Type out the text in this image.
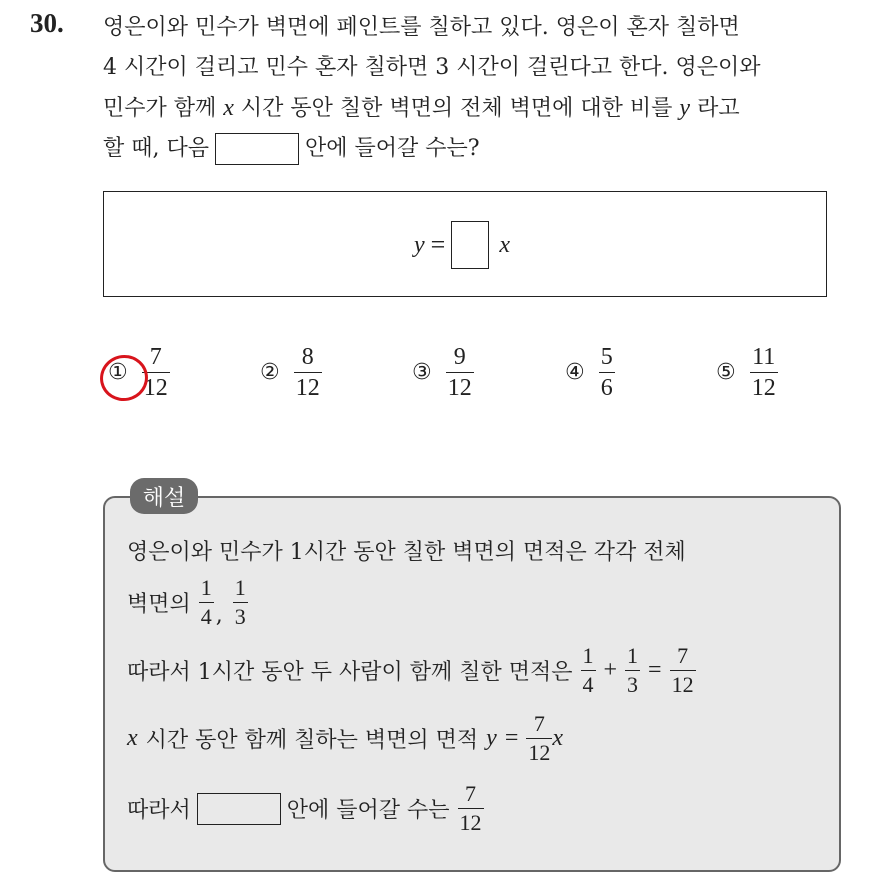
30. 영은이와 민수가 벽면에 페인트를 칠하고 있다. 영은이 혼자 칠하면
4 시간이 걸리고 민수 혼자 칠하면 3 시간이 걸린다고 한다. 영은이와
민수가 함께 x 시간 동안 칠한 벽면의 전체 벽면에 대한 비를 y 라고
할 때, 다음	안에 들어갈 수는?
y = x
① $\frac{7}{12}$	② $\frac{8}{12}$	③ $\frac{9}{12}$	④ $\frac{5}{6}$	⑤ $\frac{11}{12}$
해설
영은이와 민수가 1시간 동안 칠한 벽면의 면적은 각각 전체
벽면의 $\frac{1}{4}$ , $\frac{1}{3}$
따라서 1시간 동안 두 사람이 함께 칠한 면적은 $\frac{1}{4} + \frac{1}{3} = \frac{7}{12}$
x 시간 동안 함께 칠하는 벽면의 면적 $y = \frac{7}{12}$ x
따라서	안에 들어갈 수는 $\frac{7}{12}$
